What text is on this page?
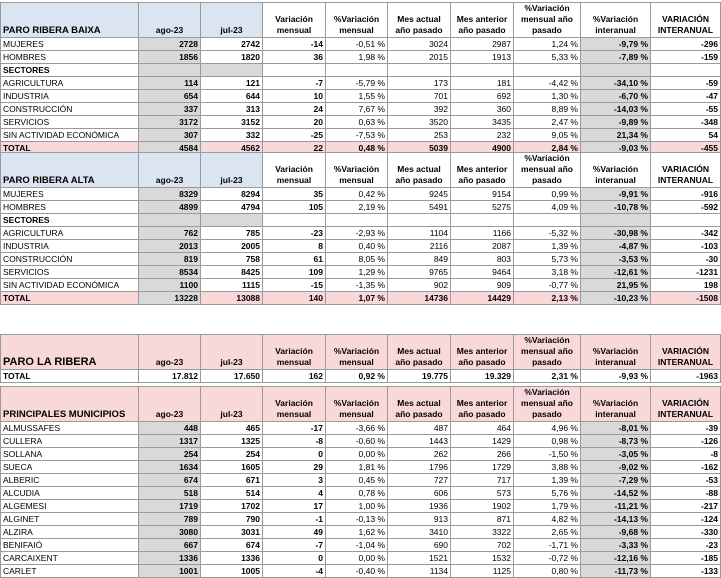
PARO RIBERA BAIXA	ago-23	jul-23	Variación mensual	%Variación mensual	Mes actual año pasado	Mes anterior año pasado	%Variación mensual año pasado	%Variación interanual	VARIACIÓN INTERANUAL
MUJERES	2728	2742	-14	-0,51 %	3024	2987	1,24 %	-9,79 %	-296
HOMBRES	1856	1820	36	1,98 %	2015	1913	5,33 %	-7,89 %	-159
SECTORES									
AGRICULTURA	114	121	-7	-5,79 %	173	181	-4,42 %	-34,10 %	-59
INDUSTRIA	654	644	10	1,55 %	701	692	1,30 %	-6,70 %	-47
CONSTRUCCIÓN	337	313	24	7,67 %	392	360	8,89 %	-14,03 %	-55
SERVICIOS	3172	3152	20	0,63 %	3520	3435	2,47 %	-9,89 %	-348
SIN ACTIVIDAD ECONÓMICA	307	332	-25	-7,53 %	253	232	9,05 %	21,34 %	54
TOTAL	4584	4562	22	0,48 %	5039	4900	2,84 %	-9,03 %	-455
PARO RIBERA ALTA	ago-23	jul-23	Variación mensual	%Variación mensual	Mes actual año pasado	Mes anterior año pasado	%Variación mensual año pasado	%Variación interanual	VARIACIÓN INTERANUAL
MUJERES	8329	8294	35	0,42 %	9245	9154	0,99 %	-9,91 %	-916
HOMBRES	4899	4794	105	2,19 %	5491	5275	4,09 %	-10,78 %	-592
SECTORES									
AGRICULTURA	762	785	-23	-2,93 %	1104	1166	-5,32 %	-30,98 %	-342
INDUSTRIA	2013	2005	8	0,40 %	2116	2087	1,39 %	-4,87 %	-103
CONSTRUCCIÓN	819	758	61	8,05 %	849	803	5,73 %	-3,53 %	-30
SERVICIOS	8534	8425	109	1,29 %	9765	9464	3,18 %	-12,61 %	-1231
SIN ACTIVIDAD ECONÓMICA	1100	1115	-15	-1,35 %	902	909	-0,77 %	21,95 %	198
TOTAL	13228	13088	140	1,07 %	14736	14429	2,13 %	-10,23 %	-1508
PARO LA RIBERA	ago-23	jul-23	Variación mensual	%Variación mensual	Mes actual año pasado	Mes anterior año pasado	%Variación mensual año pasado	%Variación interanual	VARIACIÓN INTERANUAL
TOTAL	17.812	17.650	162	0,92 %	19.775	19.329	2,31 %	-9,93 %	-1963
PRINCIPALES MUNICIPIOS	ago-23	jul-23	Variación mensual	%Variación mensual	Mes actual año pasado	Mes anterior año pasado	%Variación mensual año pasado	%Variación interanual	VARIACIÓN INTERANUAL
ALMUSSAFES	448	465	-17	-3,66 %	487	464	4,96 %	-8,01 %	-39
CULLERA	1317	1325	-8	-0,60 %	1443	1429	0,98 %	-8,73 %	-126
SOLLANA	254	254	0	0,00 %	262	266	-1,50 %	-3,05 %	-8
SUECA	1634	1605	29	1,81 %	1796	1729	3,88 %	-9,02 %	-162
ALBERIC	674	671	3	0,45 %	727	717	1,39 %	-7,29 %	-53
ALCUDIA	518	514	4	0,78 %	606	573	5,76 %	-14,52 %	-88
ALGEMESI	1719	1702	17	1,00 %	1936	1902	1,79 %	-11,21 %	-217
ALGINET	789	790	-1	-0,13 %	913	871	4,82 %	-14,13 %	-124
ALZIRA	3080	3031	49	1,62 %	3410	3322	2,65 %	-9,68 %	-330
BENIFAIÓ	667	674	-7	-1,04 %	690	702	-1,71 %	-3,33 %	-23
CARCAIXENT	1336	1336	0	0,00 %	1521	1532	-0,72 %	-12,16 %	-185
CARLET	1001	1005	-4	-0,40 %	1134	1125	0,80 %	-11,73 %	-133
